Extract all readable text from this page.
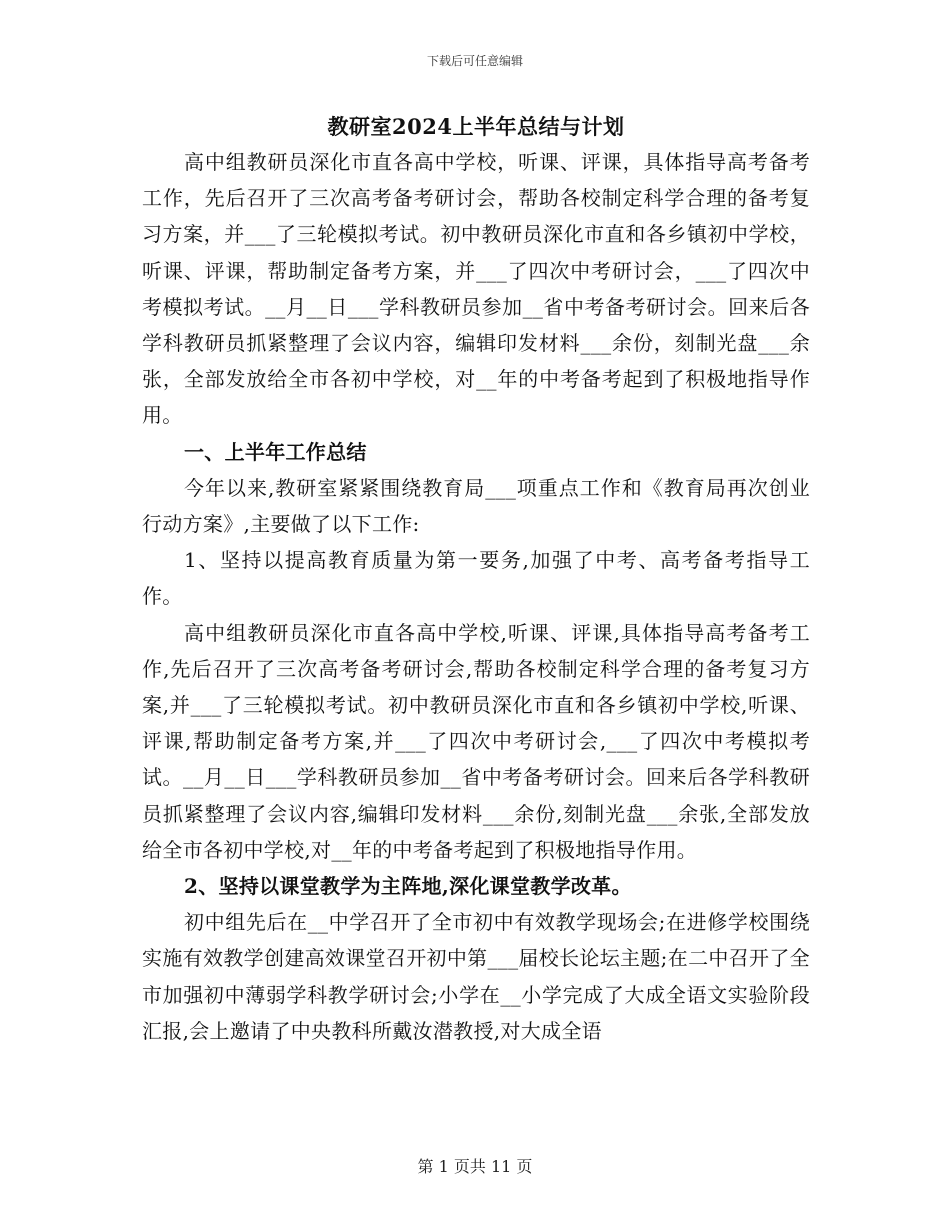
下载后可任意编辑
教研室2024上半年总结与计划

高中组教研员深化市直各高中学校，听课、评课，具体指导高考备考工作，先后召开了三次高考备考研讨会，帮助各校制定科学合理的备考复习方案，并___了三轮模拟考试。初中教研员深化市直和各乡镇初中学校，听课、评课，帮助制定备考方案，并___了四次中考研讨会，___了四次中考模拟考试。__月__日___学科教研员参加__省中考备考研讨会。回来后各学科教研员抓紧整理了会议内容，编辑印发材料___余份，刻制光盘___余张，全部发放给全市各初中学校，对__年的中考备考起到了积极地指导作用。

一、上半年工作总结

今年以来,教研室紧紧围绕教育局___项重点工作和《教育局再次创业行动方案》,主要做了以下工作:

1、坚持以提高教育质量为第一要务,加强了中考、高考备考指导工作。

高中组教研员深化市直各高中学校,听课、评课,具体指导高考备考工作,先后召开了三次高考备考研讨会,帮助各校制定科学合理的备考复习方案,并___了三轮模拟考试。初中教研员深化市直和各乡镇初中学校,听课、评课,帮助制定备考方案,并___了四次中考研讨会,___了四次中考模拟考试。__月__日___学科教研员参加__省中考备考研讨会。回来后各学科教研员抓紧整理了会议内容,编辑印发材料___余份,刻制光盘___余张,全部发放给全市各初中学校,对__年的中考备考起到了积极地指导作用。

2、坚持以课堂教学为主阵地,深化课堂教学改革。

初中组先后在__中学召开了全市初中有效教学现场会;在进修学校围绕实施有效教学创建高效课堂召开初中第___届校长论坛主题;在二中召开了全市加强初中薄弱学科教学研讨会;小学在__小学完成了大成全语文实验阶段汇报,会上邀请了中央教科所戴汝潜教授,对大成全语

第 1 页共 11 页
